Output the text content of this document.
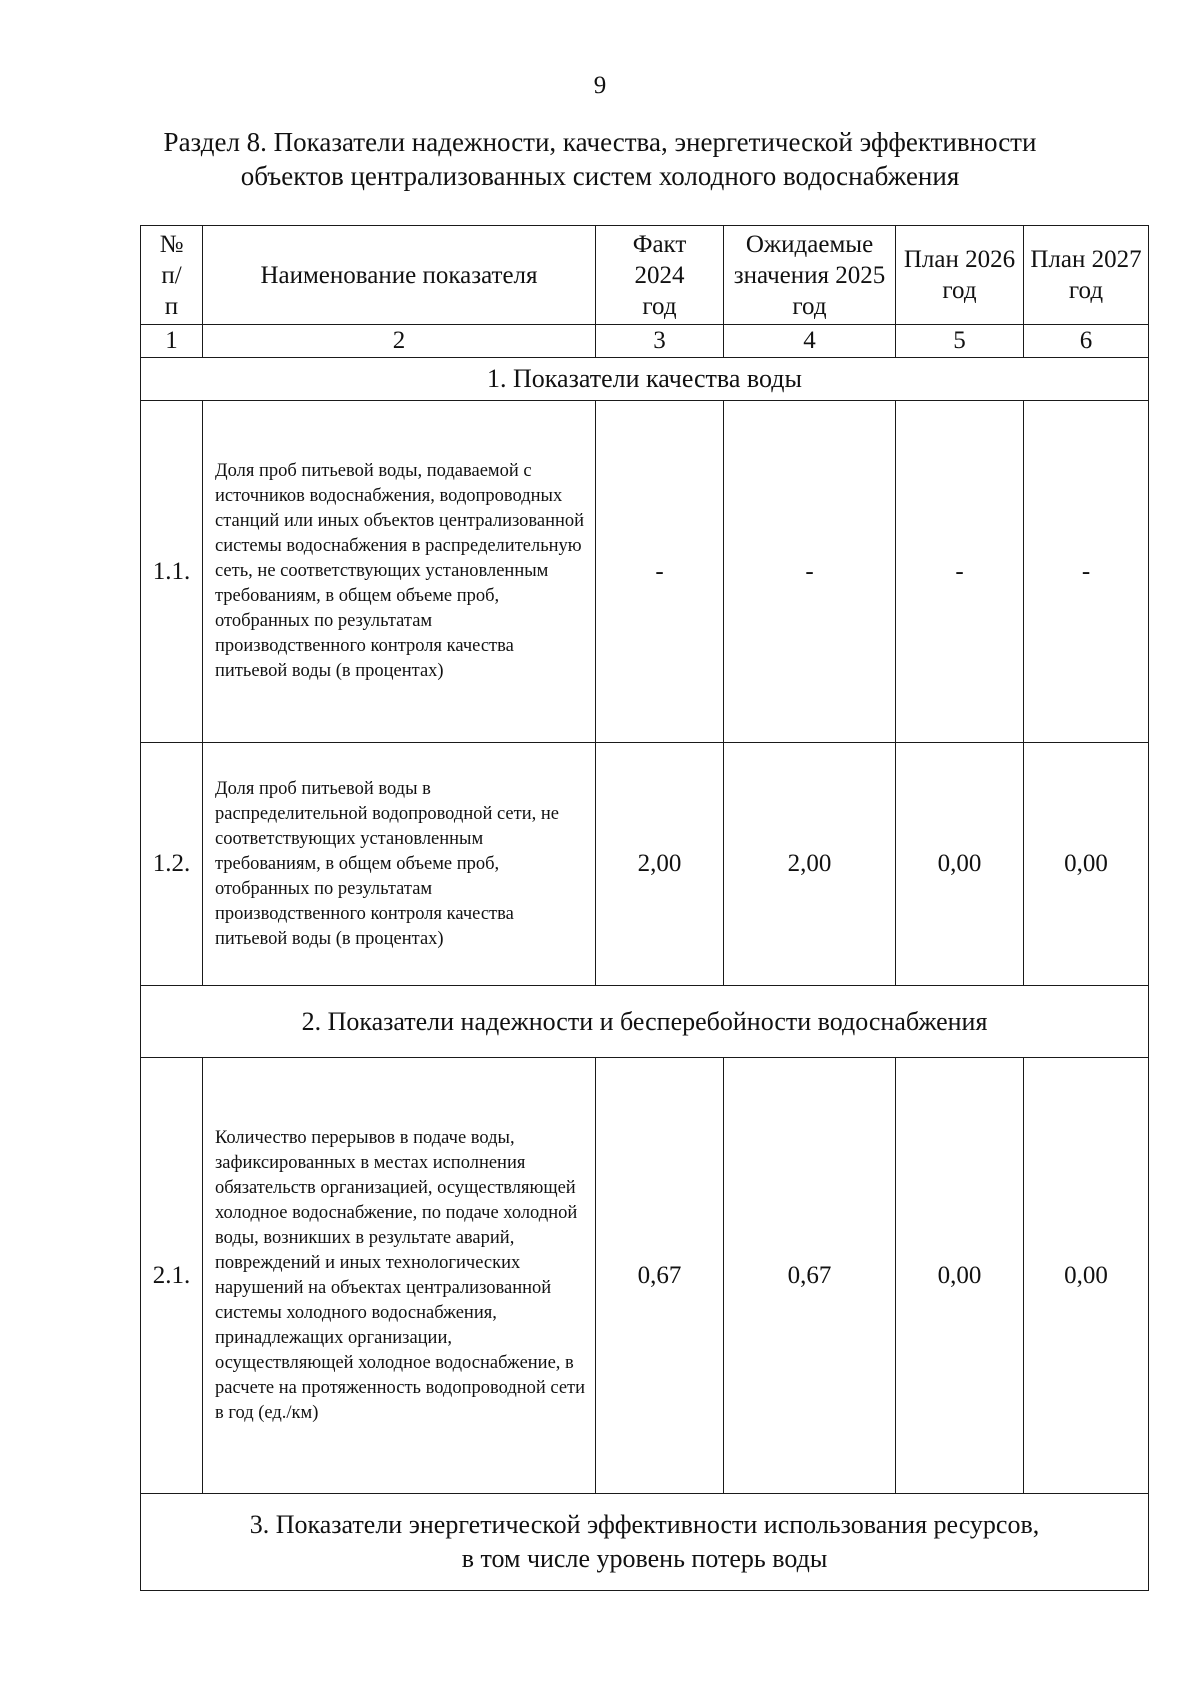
9
Раздел 8. Показатели надежности, качества, энергетической эффективности
объектов централизованных систем холодного водоснабжения
№ п/п	Наименование показателя	Факт 2024 год	Ожидаемые значения 2025 год	План 2026 год	План 2027 год
1	2	3	4	5	6
1. Показатели качества воды					
1.1.	Доля проб питьевой воды, подаваемой с источников водоснабжения, водопроводных станций или иных объектов централизованной системы водоснабжения в распределительную сеть, не соответствующих установленным требованиям, в общем объеме проб, отобранных по результатам производственного контроля качества питьевой воды (в процентах)	-	-	-	-
1.2.	Доля проб питьевой воды в распределительной водопроводной сети, не соответствующих установленным требованиям, в общем объеме проб, отобранных по результатам производственного контроля качества питьевой воды (в процентах)	2,00	2,00	0,00	0,00
2. Показатели надежности и бесперебойности водоснабжения					
2.1.	Количество перерывов в подаче воды, зафиксированных в местах исполнения обязательств организацией, осуществляющей холодное водоснабжение, по подаче холодной воды, возникших в результате аварий, повреждений и иных технологических нарушений на объектах централизованной системы холодного водоснабжения, принадлежащих организации, осуществляющей холодное водоснабжение, в расчете на протяженность водопроводной сети в год (ед./км)	0,67	0,67	0,00	0,00

3. Показатели энергетической эффективности использования ресурсов,
в том числе уровень потерь воды					
